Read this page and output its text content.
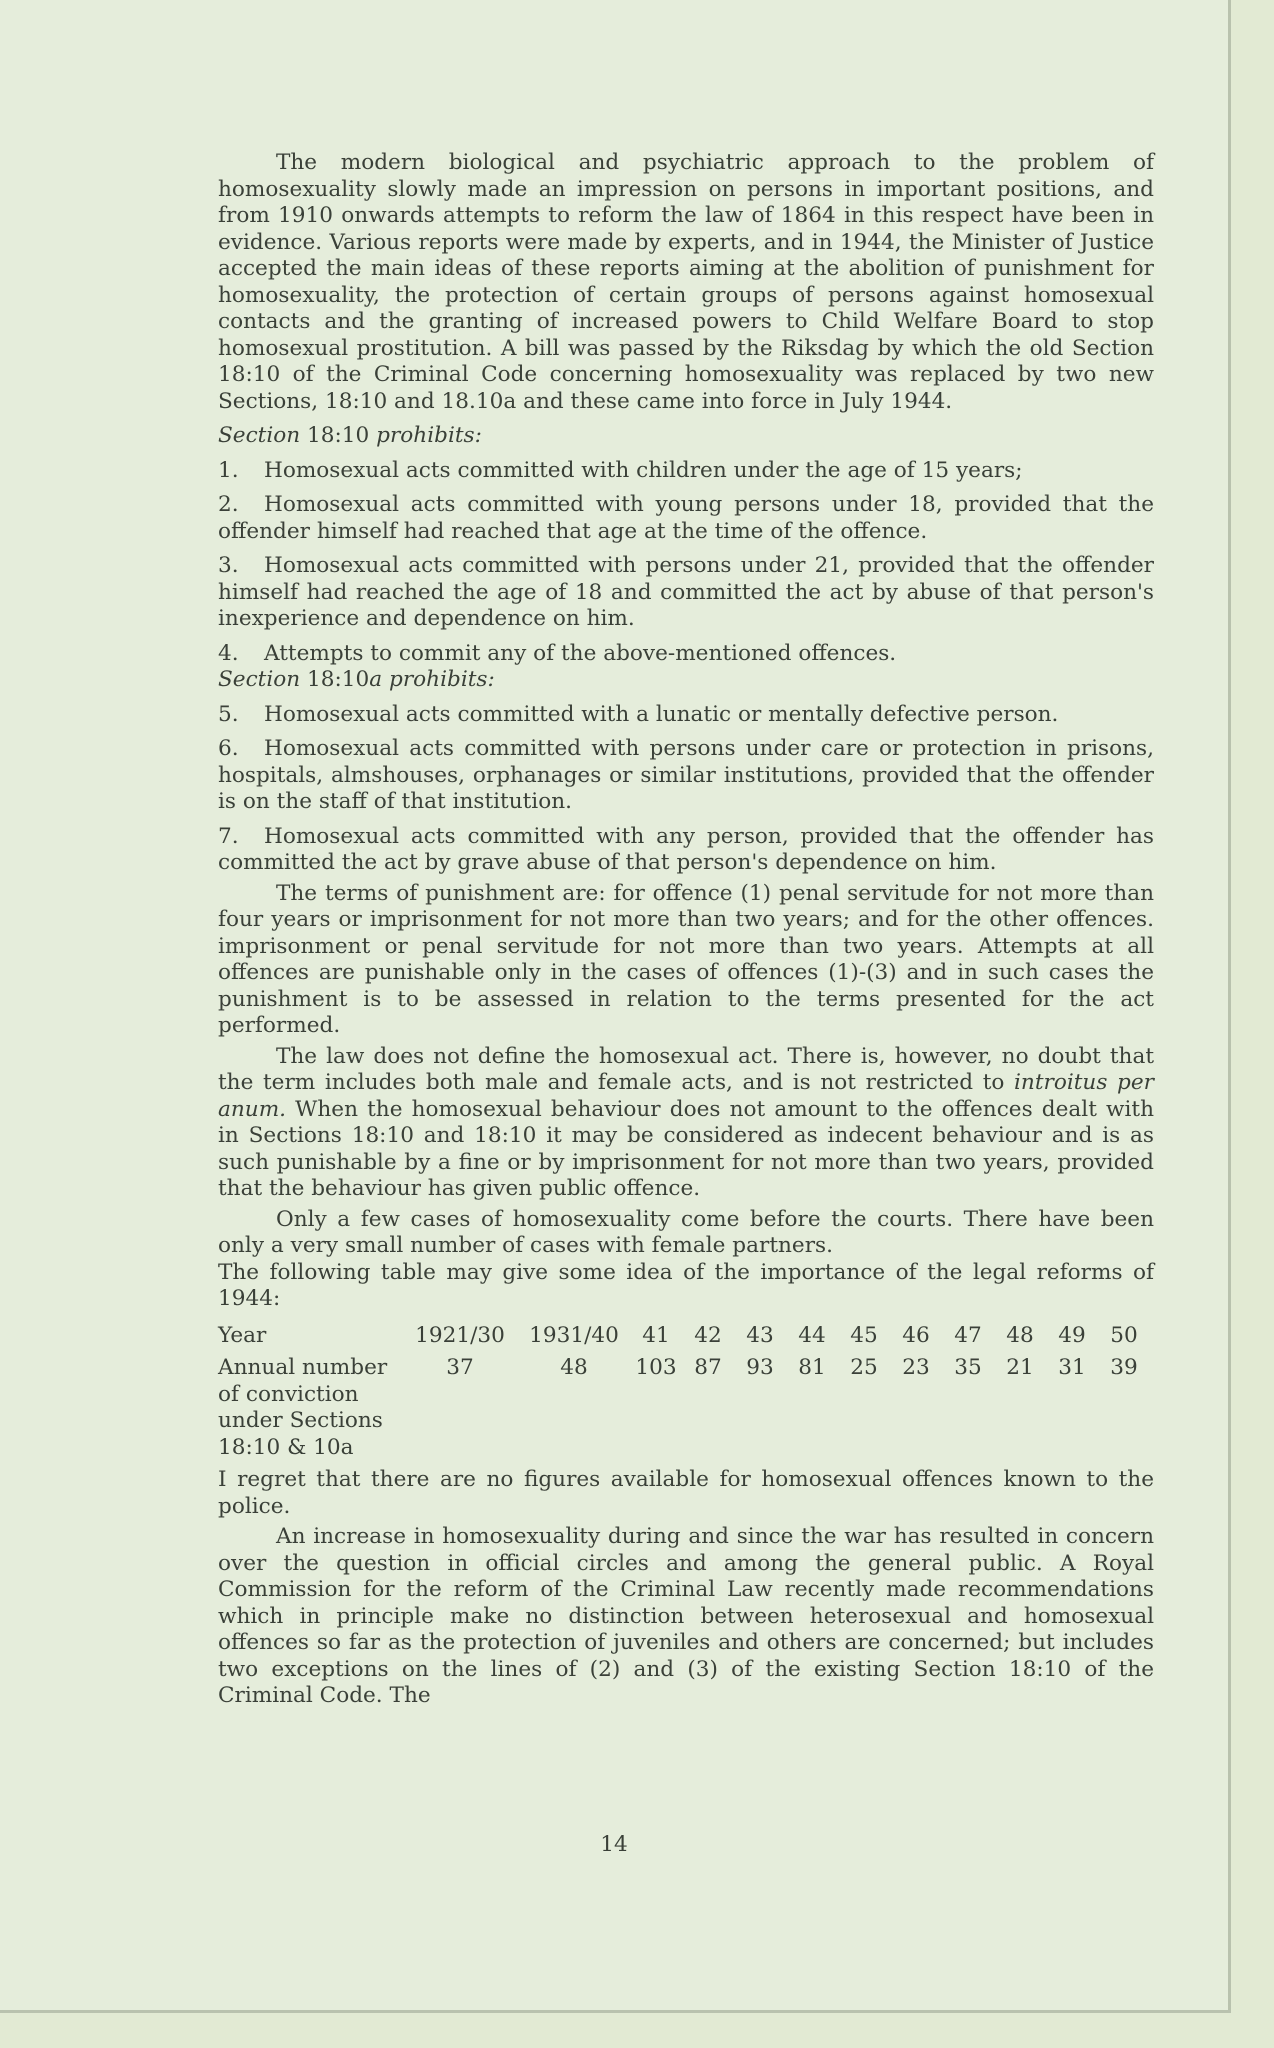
The modern biological and psychiatric approach to the problem of homosexuality slowly made an impression on persons in important positions, and from 1910 onwards attempts to reform the law of 1864 in this respect have been in evidence. Various reports were made by experts, and in 1944, the Minister of Justice accepted the main ideas of these reports aiming at the abolition of punishment for homosexuality, the protection of certain groups of persons against homosexual contacts and the granting of increased powers to Child Welfare Board to stop homosexual prostitution. A bill was passed by the Riksdag by which the old Section 18:10 of the Criminal Code concerning homosexuality was replaced by two new Sections, 18:10 and 18.10a and these came into force in July 1944.

Section 18:10 prohibits:

1. Homosexual acts committed with children under the age of 15 years;

2. Homosexual acts committed with young persons under 18, provided that the offender himself had reached that age at the time of the offence.

3. Homosexual acts committed with persons under 21, provided that the offender himself had reached the age of 18 and committed the act by abuse of that person's inexperience and dependence on him.

4. Attempts to commit any of the above-mentioned offences.

Section 18:10a prohibits:

5. Homosexual acts committed with a lunatic or mentally defective person.

6. Homosexual acts committed with persons under care or protection in prisons, hospitals, almshouses, orphanages or similar institutions, provided that the offender is on the staff of that institution.

7. Homosexual acts committed with any person, provided that the offender has committed the act by grave abuse of that person's dependence on him.

The terms of punishment are: for offence (1) penal servitude for not more than four years or imprisonment for not more than two years; and for the other offences. imprisonment or penal servitude for not more than two years. Attempts at all offences are punishable only in the cases of offences (1)-(3) and in such cases the punishment is to be assessed in relation to the terms presented for the act performed.

The law does not define the homosexual act. There is, however, no doubt that the term includes both male and female acts, and is not restricted to introitus per anum. When the homosexual behaviour does not amount to the offences dealt with in Sections 18:10 and 18:10 it may be considered as indecent behaviour and is as such punishable by a fine or by imprisonment for not more than two years, provided that the behaviour has given public offence.

Only a few cases of homosexuality come before the courts. There have been only a very small number of cases with female partners.

The following table may give some idea of the importance of the legal reforms of 1944:

Year	1921/30	1931/40	41	42	43	44	45	46	47	48	49	50
Annual number of conviction under Sections 18:10 & 10a	37	48	103	87	93	81	25	23	35	21	31	39

I regret that there are no figures available for homosexual offences known to the police.

An increase in homosexuality during and since the war has resulted in concern over the question in official circles and among the general public. A Royal Commission for the reform of the Criminal Law recently made recommendations which in principle make no distinction between heterosexual and homosexual offences so far as the protection of juveniles and others are concerned; but includes two exceptions on the lines of (2) and (3) of the existing Section 18:10 of the Criminal Code. The

14
